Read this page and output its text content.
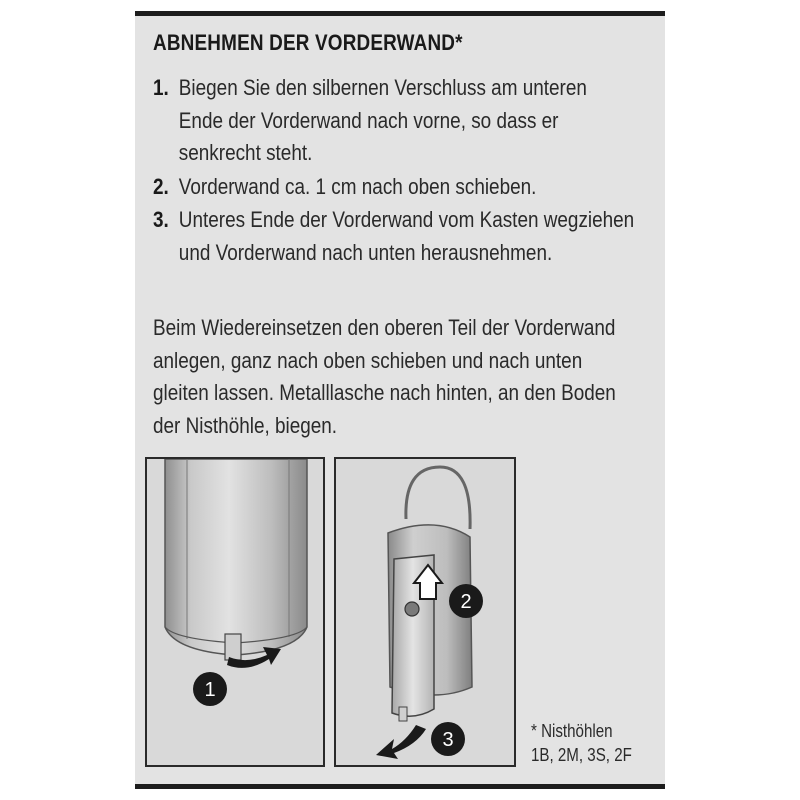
ABNEHMEN DER VORDERWAND*
1. Biegen Sie den silbernen Verschluss am unteren Ende der Vorderwand nach vorne, so dass er senkrecht steht.
2. Vorderwand ca. 1 cm nach oben schieben.
3. Unteres Ende der Vorderwand vom Kasten wegziehen und Vorderwand nach unten herausnehmen.

Beim Wiedereinsetzen den oberen Teil der Vorderwand anlegen, ganz nach oben schieben und nach unten gleiten lassen. Metalllasche nach hinten, an den Boden der Nisthöhle, biegen.

1
2
3	* Nisthöhlen
1B, 2M, 3S, 2F
